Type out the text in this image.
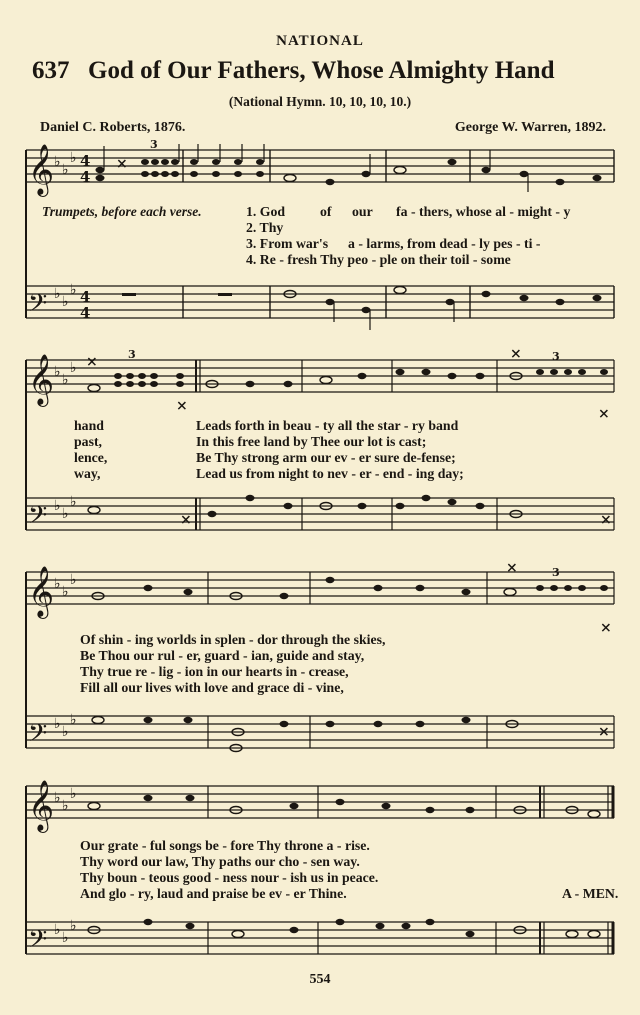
NATIONAL
637 God of Our Fathers, Whose Almighty Hand
(National Hymn. 10, 10, 10, 10.)
Daniel C. Roberts, 1876.	George W. Warren, 1892.
𝄞
𝄢
♭ ♭
♭
♭ ♭
♭
4
4
4
4
×
3
Trumpets, before each verse.	1. God	of our fa - thers, whose al - might - y
2. Thy
3. From war's a - larms, from dead - ly pes - ti -
4. Re - fresh Thy peo - ple on their toil - some
𝄞
𝄢
♭ ♭
♭
♭ ♭
♭
×
×
×	×
×
×
3	3
hand	Leads forth in beau - ty all the star - ry band
past,	In this free land by Thee our lot is cast;
lence,	Be Thy strong arm our ev - er sure de-fense;
way,	Lead us from night to nev - er - end - ing day;
𝄞
𝄢
♭ ♭
♭
♭ ♭
♭
×
×
×	3
Of shin - ing worlds in splen - dor through the skies,
Be Thou our rul - er, guard - ian, guide and stay,
Thy true re - lig - ion in our hearts in - crease,
Fill all our lives with love and grace di - vine,
𝄞
𝄢
♭ ♭
♭
♭ ♭
♭
Our grate - ful songs be - fore Thy throne a - rise.
Thy word our law, Thy paths our cho - sen way.
Thy boun - teous good - ness nour - ish us in peace.
And glo - ry, laud and praise be ev - er Thine.	A - MEN.
554
